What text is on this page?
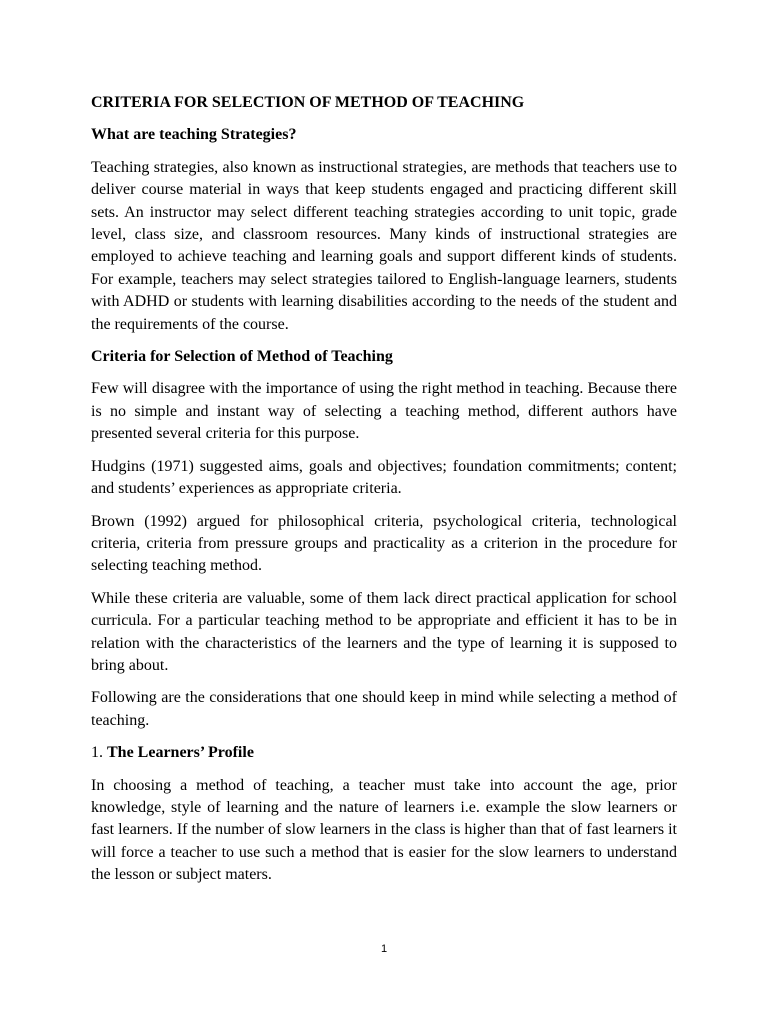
CRITERIA FOR SELECTION OF METHOD OF TEACHING
What are teaching Strategies?

Teaching strategies, also known as instructional strategies, are methods that teachers use to deliver course material in ways that keep students engaged and practicing different skill sets. An instructor may select different teaching strategies according to unit topic, grade level, class size, and classroom resources. Many kinds of instructional strategies are employed to achieve teaching and learning goals and support different kinds of students. For example, teachers may select strategies tailored to English-language learners, students with ADHD or students with learning disabilities according to the needs of the student and the requirements of the course.

Criteria for Selection of Method of Teaching

Few will disagree with the importance of using the right method in teaching. Because there is no simple and instant way of selecting a teaching method, different authors have presented several criteria for this purpose.

Hudgins (1971) suggested aims, goals and objectives; foundation commitments; content; and students’ experiences as appropriate criteria.

Brown (1992) argued for philosophical criteria, psychological criteria, technological criteria, criteria from pressure groups and practicality as a criterion in the procedure for selecting teaching method.

While these criteria are valuable, some of them lack direct practical application for school curricula. For a particular teaching method to be appropriate and efficient it has to be in relation with the characteristics of the learners and the type of learning it is supposed to bring about.

Following are the considerations that one should keep in mind while selecting a method of teaching.

1. The Learners’ Profile

In choosing a method of teaching, a teacher must take into account the age, prior knowledge, style of learning and the nature of learners i.e. example the slow learners or fast learners. If the number of slow learners in the class is higher than that of fast learners it will force a teacher to use such a method that is easier for the slow learners to understand the lesson or subject maters.

1
